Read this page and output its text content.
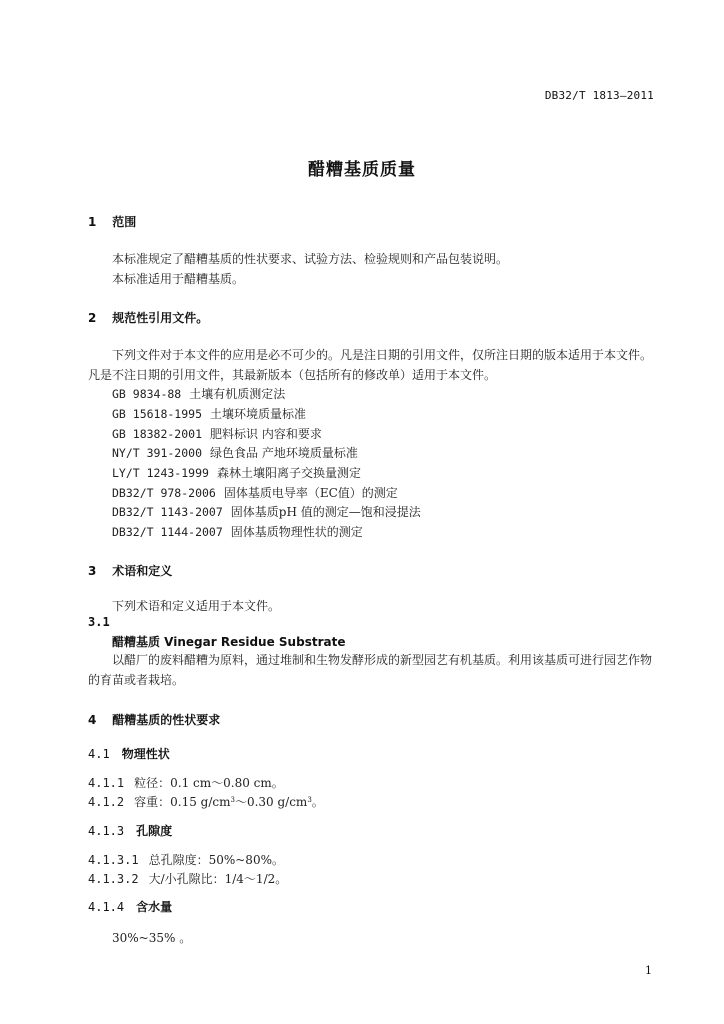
DB32/T 1813—2011
醋糟基质质量
1 范围
本标准规定了醋糟基质的性状要求、试验方法、检验规则和产品包装说明。
本标准适用于醋糟基质。
2 规范性引用文件。
下列文件对于本文件的应用是必不可少的。凡是注日期的引用文件，仅所注日期的版本适用于本文件。凡是不注日期的引用文件，其最新版本（包括所有的修改单）适用于本文件。
GB 9834-88 土壤有机质测定法
GB 15618-1995 土壤环境质量标准
GB 18382-2001 肥料标识 内容和要求
NY/T 391-2000 绿色食品 产地环境质量标准
LY/T 1243-1999 森林土壤阳离子交换量测定
DB32/T 978-2006 固体基质电导率（EC值）的测定
DB32/T 1143-2007 固体基质pH 值的测定—饱和浸提法
DB32/T 1144-2007 固体基质物理性状的测定
3 术语和定义
下列术语和定义适用于本文件。
3.1
醋糟基质 Vinegar Residue Substrate
以醋厂的废料醋糟为原料，通过堆制和生物发酵形成的新型园艺有机基质。利用该基质可进行园艺作物的育苗或者栽培。
4 醋糟基质的性状要求
4.1 物理性状
4.1.1 粒径：0.1 cm～0.80 cm。
4.1.2 容重：0.15 $g/cm^3\sim 0.30$ $g/cm^3$。
4.1.3 孔隙度
4.1.3.1 总孔隙度：50%~80%。
4.1.3.2 大/小孔隙比：1/4～1/2。
4.1.4 含水量
30%~35% 。
1
